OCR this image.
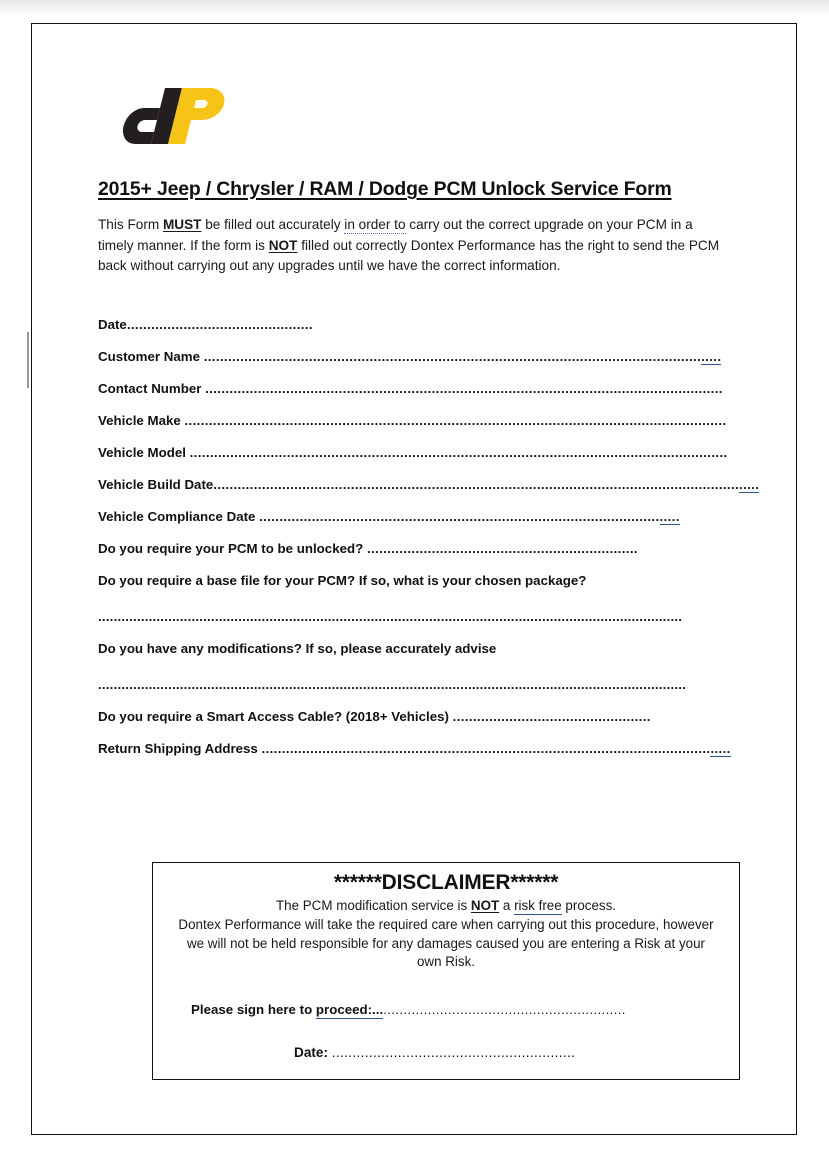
2015+ Jeep / Chrysler / RAM / Dodge PCM Unlock Service Form

This Form MUST be filled out accurately in order to carry out the correct upgrade on your PCM in a timely manner. If the form is NOT filled out correctly Dontex Performance has the right to send the PCM back without carrying out any upgrades until we have the correct information.

Date..............................................
Customer Name ................................................................................................................................
Contact Number ................................................................................................................................
Vehicle Make ......................................................................................................................................
Vehicle Model .....................................................................................................................................
Vehicle Build Date.......................................................................................................................................
Vehicle Compliance Date ........................................................................................................
Do you require your PCM to be unlocked? ...................................................................
Do you require a base file for your PCM? If so, what is your chosen package?
......................................................................................................................................................
Do you have any modifications? If so, please accurately advise
.......................................................................................................................................................
Do you require a Smart Access Cable? (2018+ Vehicles) .................................................
Return Shipping Address ....................................................................................................................
******DISCLAIMER******
The PCM modification service is NOT a risk free process.
Dontex Performance will take the required care when carrying out this procedure, however we will not be held responsible for any damages caused you are entering a Risk at your own Risk.
Please sign here to proceed:...............................................................
Date: ...........................................................
